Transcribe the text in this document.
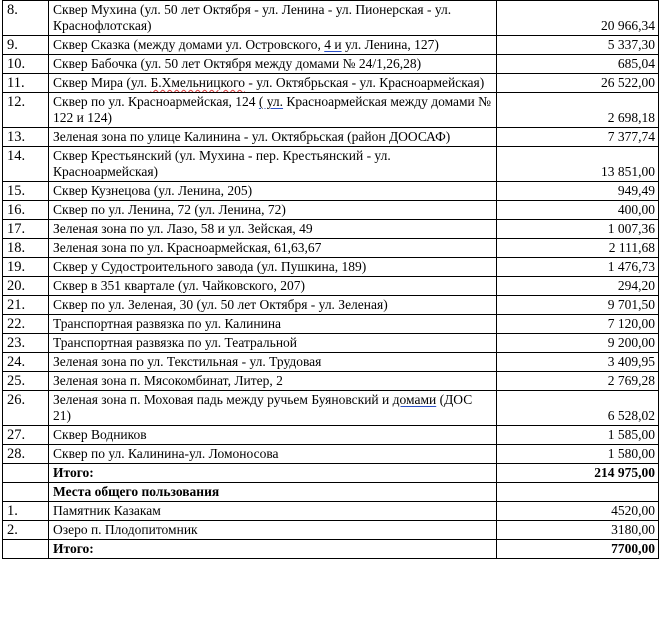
8.	Сквер Мухина (ул. 50 лет Октября - ул. Ленина - ул. Пионерская - ул. Краснофлотская)	20 966,34
9.	Сквер Сказка (между домами ул. Островского, 4 и ул. Ленина, 127)	5 337,30
10.	Сквер Бабочка (ул. 50 лет Октября между домами № 24/1,26,28)	685,04
11.	Сквер Мира (ул. Б.Хмельницкого - ул. Октябрьская - ул. Красноармейская)	26 522,00
12.	Сквер по ул. Красноармейская, 124 ( ул. Красноармейская между домами № 122 и 124)	2 698,18
13.	Зеленая зона по улице Калинина - ул. Октябрьская (район ДООСАФ)	7 377,74
14.	Сквер Крестьянский (ул. Мухина - пер. Крестьянский - ул. Красноармейская)	13 851,00
15.	Сквер Кузнецова (ул. Ленина, 205)	949,49
16.	Сквер по ул. Ленина, 72 (ул. Ленина, 72)	400,00
17.	Зеленая зона по ул. Лазо, 58 и ул. Зейская, 49	1 007,36
18.	Зеленая зона по ул. Красноармейская, 61,63,67	2 111,68
19.	Сквер у Судостроительного завода (ул. Пушкина, 189)	1 476,73
20.	Сквер в 351 квартале (ул. Чайковского, 207)	294,20
21.	Сквер по ул. Зеленая, 30 (ул. 50 лет Октября - ул. Зеленая)	9 701,50
22.	Транспортная развязка по ул. Калинина	7 120,00
23.	Транспортная развязка по ул. Театральной	9 200,00
24.	Зеленая зона по ул. Текстильная - ул. Трудовая	3 409,95
25.	Зеленая зона п. Мясокомбинат, Литер, 2	2 769,28
26.	Зеленая зона п. Моховая падь между ручьем Буяновский и домами (ДОС 21)	6 528,02
27.	Сквер Водников	1 585,00
28.	Сквер по ул. Калинина-ул. Ломоносова	1 580,00
	Итого:	214 975,00
	Места общего пользования	
1.	Памятник Казакам	4520,00
2.	Озеро п. Плодопитомник	3180,00
	Итого:	7700,00
